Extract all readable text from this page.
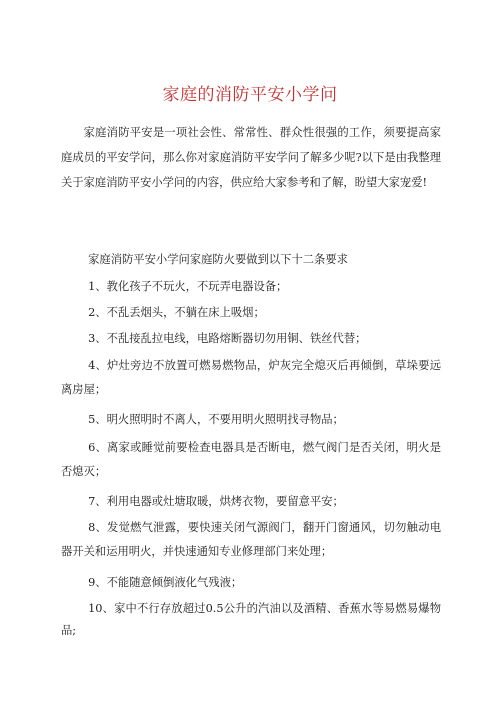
家庭的消防平安小学问

家庭消防平安是一项社会性、常常性、群众性很强的工作，须要提高家庭成员的平安学问，那么你对家庭消防平安学问了解多少呢?以下是由我整理关于家庭消防平安小学问的内容，供应给大家参考和了解，盼望大家宠爱!

家庭消防平安小学问家庭防火要做到以下十二条要求

1、教化孩子不玩火，不玩弄电器设备；

2、不乱丢烟头，不躺在床上吸烟；

3、不乱接乱拉电线，电路熔断器切勿用铜、铁丝代替；

4、炉灶旁边不放置可燃易燃物品，炉灰完全熄灭后再倾倒，草垛要远离房屋；

5、明火照明时不离人，不要用明火照明找寻物品；

6、离家或睡觉前要检查电器具是否断电，燃气阀门是否关闭，明火是否熄灭；

7、利用电器或灶塘取暖，烘烤衣物，要留意平安；

8、发觉燃气泄露，要快速关闭气源阀门，翻开门窗通风，切勿触动电器开关和运用明火，并快速通知专业修理部门来处理；

9、不能随意倾倒液化气残液；

10、家中不行存放超过0.5公升的汽油以及酒精、香蕉水等易燃易爆物品;
